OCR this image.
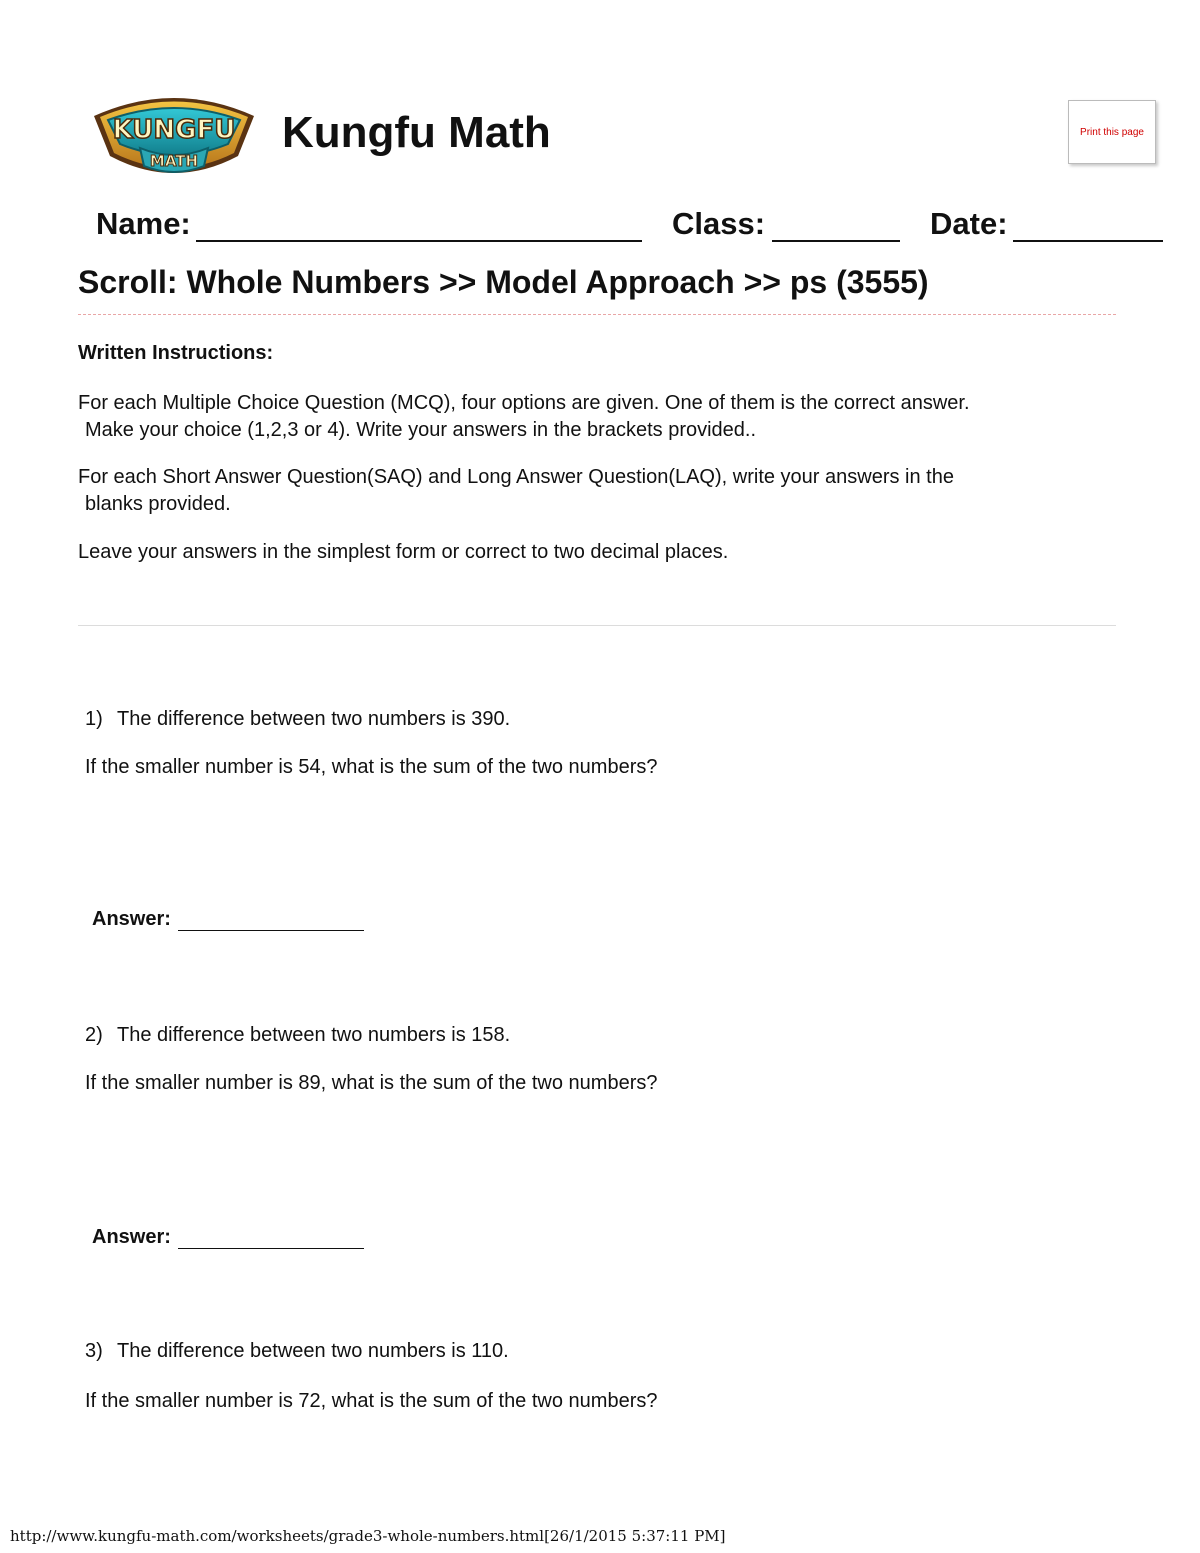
KUNGFU
MATH
Kungfu Math	Print this page
Name:	Class:	Date:
Scroll: Whole Numbers >> Model Approach >> ps (3555)
Written Instructions:
For each Multiple Choice Question (MCQ), four options are given. One of them is the correct answer.
Make your choice (1,2,3 or 4). Write your answers in the brackets provided..
For each Short Answer Question(SAQ) and Long Answer Question(LAQ), write your answers in the
blanks provided.
Leave your answers in the simplest form or correct to two decimal places.
1) The difference between two numbers is 390.
If the smaller number is 54, what is the sum of the two numbers?
Answer:
2) The difference between two numbers is 158.
If the smaller number is 89, what is the sum of the two numbers?
Answer:
3) The difference between two numbers is 110.
If the smaller number is 72, what is the sum of the two numbers?
http://www.kungfu-math.com/worksheets/grade3-whole-numbers.html[26/1/2015 5:37:11 PM]
